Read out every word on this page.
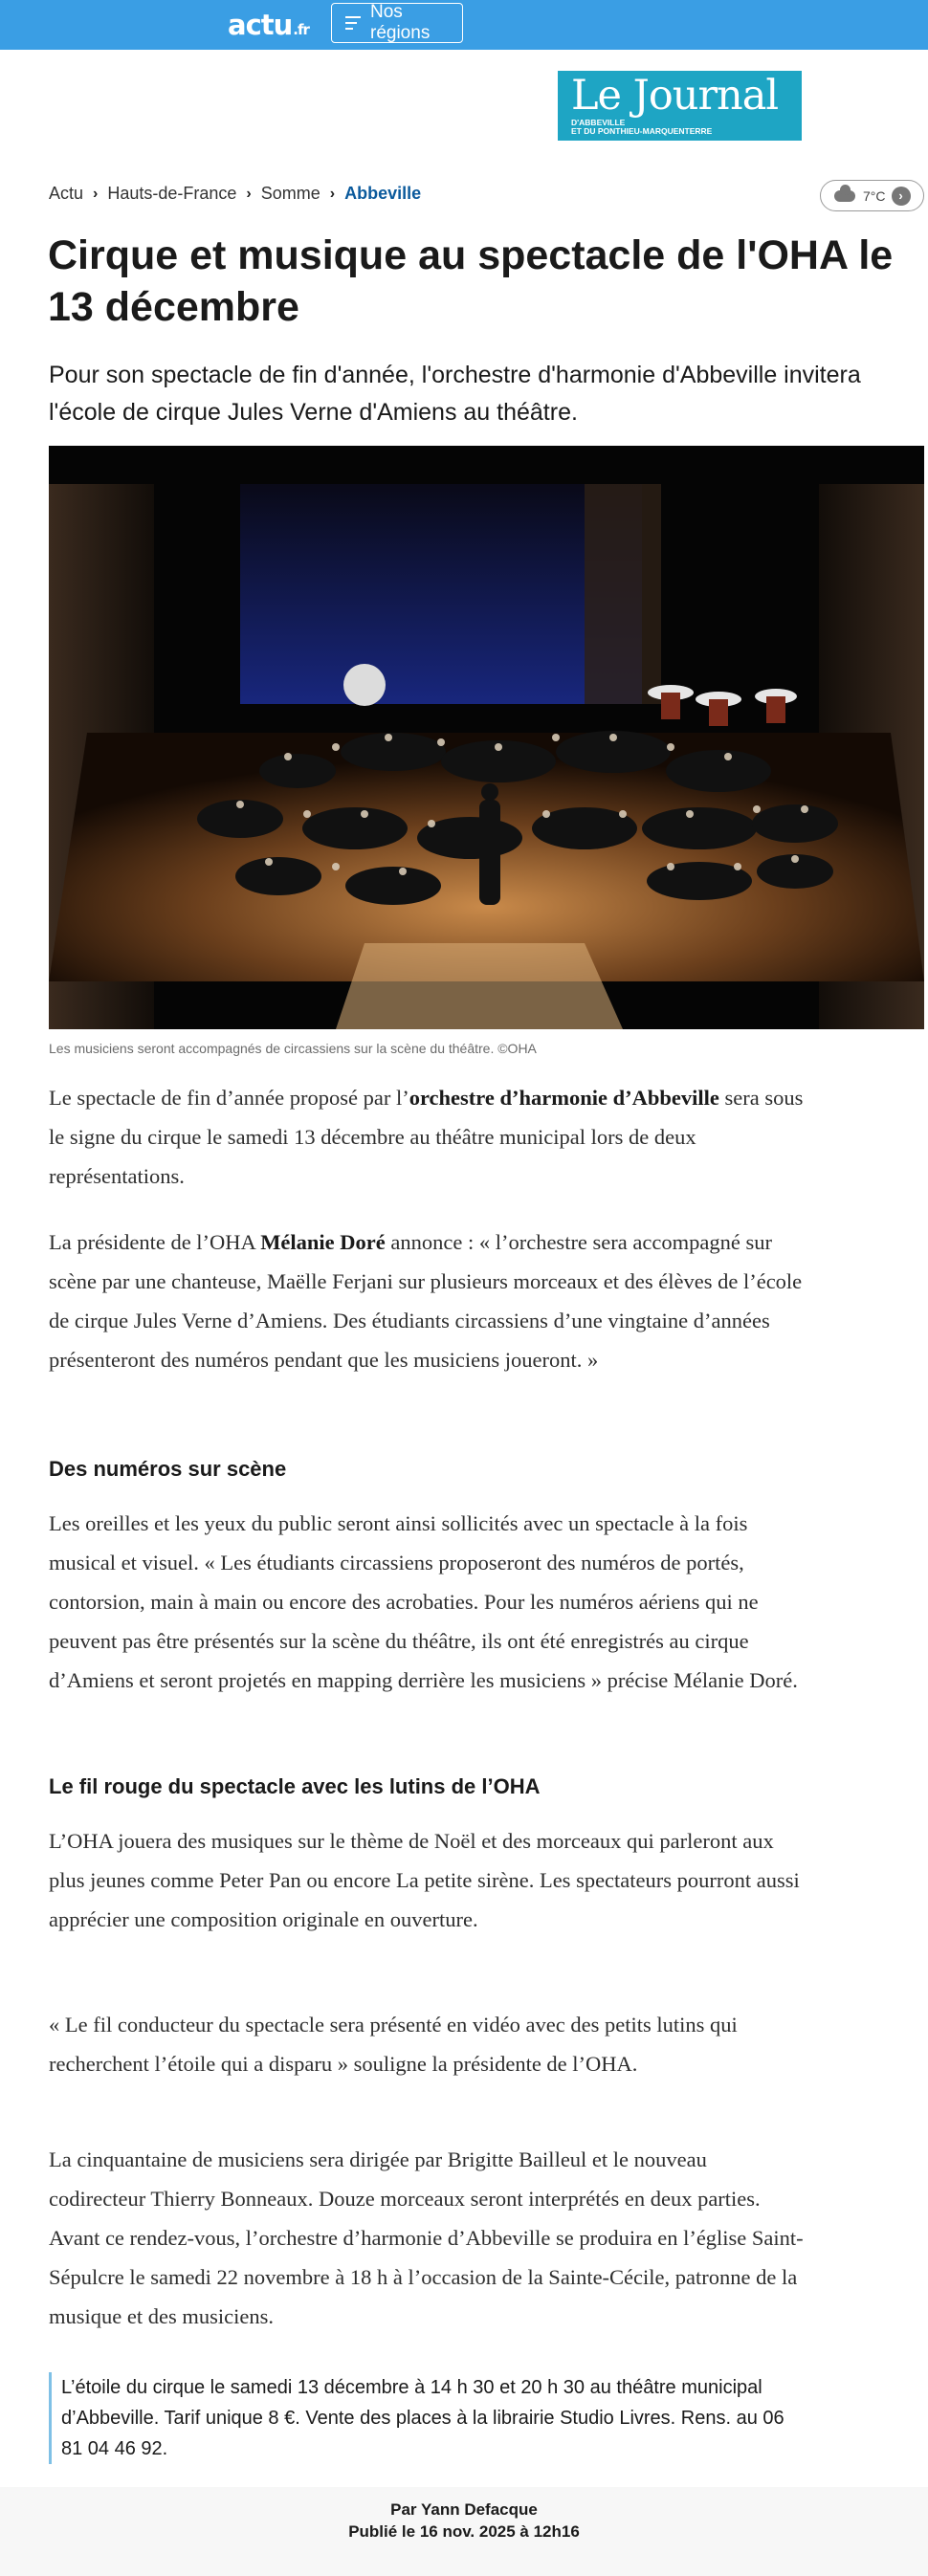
actu.fr
Nos régions
Le Journal
D'ABBEVILLE
ET DU PONTHIEU-MARQUENTERRE
Actu › Hauts-de-France › Somme › Abbeville	7°C	›
Cirque et musique au spectacle de l'OHA le 13 décembre

Pour son spectacle de fin d'année, l'orchestre d'harmonie d'Abbeville invitera l'école de cirque Jules Verne d'Amiens au théâtre.

Les musiciens seront accompagnés de circassiens sur la scène du théâtre. ©OHA

Le spectacle de fin d’année proposé par l’orchestre d’harmonie d’Abbeville sera sous le signe du cirque le samedi 13 décembre au théâtre municipal lors de deux représentations.

La présidente de l’OHA Mélanie Doré annonce : « l’orchestre sera accompagné sur scène par une chanteuse, Maëlle Ferjani sur plusieurs morceaux et des élèves de l’école de cirque Jules Verne d’Amiens. Des étudiants circassiens d’une vingtaine d’années présenteront des numéros pendant que les musiciens joueront. »

Des numéros sur scène

Les oreilles et les yeux du public seront ainsi sollicités avec un spectacle à la fois musical et visuel. « Les étudiants circassiens proposeront des numéros de portés, contorsion, main à main ou encore des acrobaties. Pour les numéros aériens qui ne peuvent pas être présentés sur la scène du théâtre, ils ont été enregistrés au cirque d’Amiens et seront projetés en mapping derrière les musiciens » précise Mélanie Doré.

Le fil rouge du spectacle avec les lutins de l’OHA

L’OHA jouera des musiques sur le thème de Noël et des morceaux qui parleront aux plus jeunes comme Peter Pan ou encore La petite sirène. Les spectateurs pourront aussi apprécier une composition originale en ouverture.

« Le fil conducteur du spectacle sera présenté en vidéo avec des petits lutins qui recherchent l’étoile qui a disparu » souligne la présidente de l’OHA.

La cinquantaine de musiciens sera dirigée par Brigitte Bailleul et le nouveau codirecteur Thierry Bonneaux. Douze morceaux seront interprétés en deux parties. Avant ce rendez-vous, l’orchestre d’harmonie d’Abbeville se produira en l’église Saint-Sépulcre le samedi 22 novembre à 18 h à l’occasion de la Sainte-Cécile, patronne de la musique et des musiciens.

L’étoile du cirque le samedi 13 décembre à 14 h 30 et 20 h 30 au théâtre municipal d’Abbeville. Tarif unique 8 €. Vente des places à la librairie Studio Livres. Rens. au 06 81 04 46 92.
Par Yann Defacque
Publié le 16 nov. 2025 à 12h16
